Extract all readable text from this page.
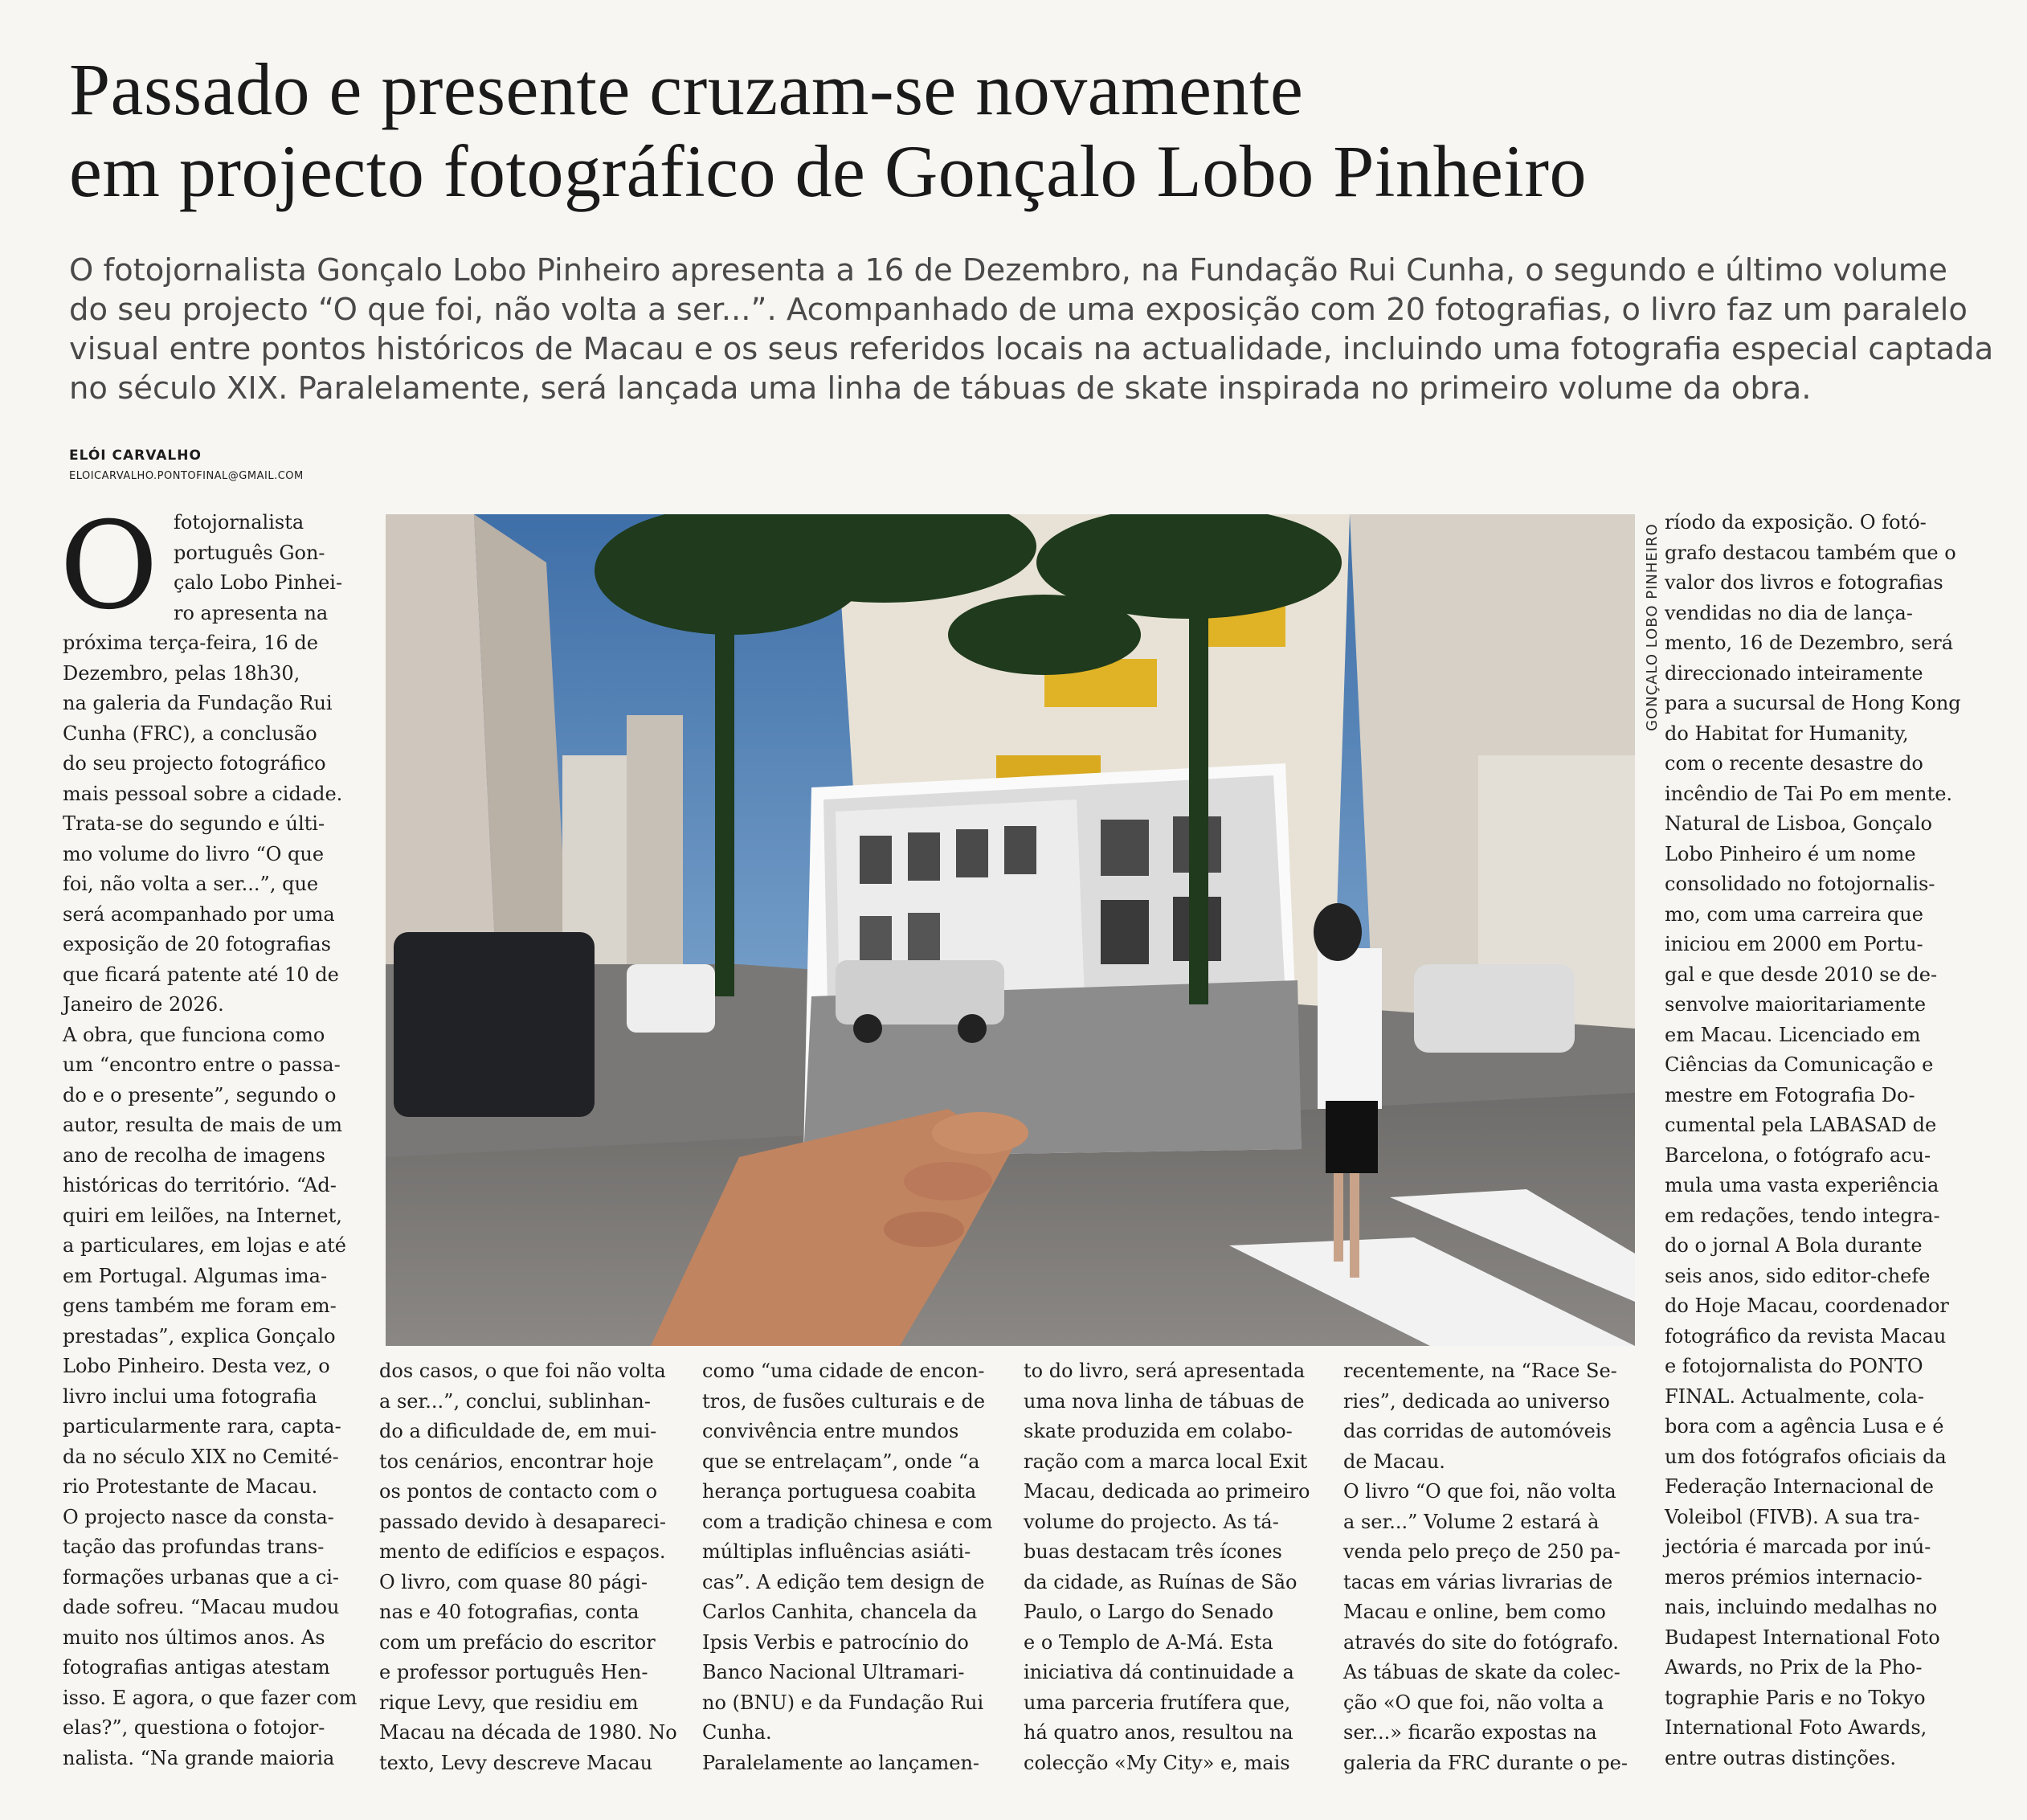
Passado e presente cruzam-se novamente
em projecto fotográfico de Gonçalo Lobo Pinheiro

O fotojornalista Gonçalo Lobo Pinheiro apresenta a 16 de Dezembro, na Fundação Rui Cunha, o segundo e último volume
do seu projecto “O que foi, não volta a ser...”. Acompanhado de uma exposição com 20 fotografias, o livro faz um paralelo
visual entre pontos históricos de Macau e os seus referidos locais na actualidade, incluindo uma fotografia especial captada
no século XIX. Paralelamente, será lançada uma linha de tábuas de skate inspirada no primeiro volume da obra.

ELÓI CARVALHO
ELOICARVALHO.PONTOFINAL@GMAIL.COM
O fotojornalista
português Gon-
çalo Lobo Pinhei-
ro apresenta na
próxima terça-feira, 16 de
Dezembro, pelas 18h30,
na galeria da Fundação Rui
Cunha (FRC), a conclusão
do seu projecto fotográfico
mais pessoal sobre a cidade.
Trata-se do segundo e últi-
mo volume do livro “O que
foi, não volta a ser...”, que
será acompanhado por uma
exposição de 20 fotografias
que ficará patente até 10 de
Janeiro de 2026.
A obra, que funciona como
um “encontro entre o passa-
do e o presente”, segundo o
autor, resulta de mais de um
ano de recolha de imagens
históricas do território. “Ad-
quiri em leilões, na Internet,
a particulares, em lojas e até
em Portugal. Algumas ima-
gens também me foram em-
prestadas”, explica Gonçalo
Lobo Pinheiro. Desta vez, o
livro inclui uma fotografia
particularmente rara, capta-
da no século XIX no Cemité-
rio Protestante de Macau.
O projecto nasce da consta-
tação das profundas trans-
formações urbanas que a ci-
dade sofreu. “Macau mudou
muito nos últimos anos. As
fotografias antigas atestam
isso. E agora, o que fazer com
elas?”, questiona o fotojor-
nalista. “Na grande maioria
GONÇALO LOBO PINHEIRO
dos casos, o que foi não volta
a ser...”, conclui, sublinhan-
do a dificuldade de, em mui-
tos cenários, encontrar hoje
os pontos de contacto com o
passado devido à desapareci-
mento de edifícios e espaços.
O livro, com quase 80 pági-
nas e 40 fotografias, conta
com um prefácio do escritor
e professor português Hen-
rique Levy, que residiu em
Macau na década de 1980. No
texto, Levy descreve Macau
como “uma cidade de encon-
tros, de fusões culturais e de
convivência entre mundos
que se entrelaçam”, onde “a
herança portuguesa coabita
com a tradição chinesa e com
múltiplas influências asiáti-
cas”. A edição tem design de
Carlos Canhita, chancela da
Ipsis Verbis e patrocínio do
Banco Nacional Ultramari-
no (BNU) e da Fundação Rui
Cunha.
Paralelamente ao lançamen-
to do livro, será apresentada
uma nova linha de tábuas de
skate produzida em colabo-
ração com a marca local Exit
Macau, dedicada ao primeiro
volume do projecto. As tá-
buas destacam três ícones
da cidade, as Ruínas de São
Paulo, o Largo do Senado
e o Templo de A-Má. Esta
iniciativa dá continuidade a
uma parceria frutífera que,
há quatro anos, resultou na
colecção «My City» e, mais
recentemente, na “Race Se-
ries”, dedicada ao universo
das corridas de automóveis
de Macau.
O livro “O que foi, não volta
a ser...” Volume 2 estará à
venda pelo preço de 250 pa-
tacas em várias livrarias de
Macau e online, bem como
através do site do fotógrafo.
As tábuas de skate da colec-
ção «O que foi, não volta a
ser...» ficarão expostas na
galeria da FRC durante o pe-
ríodo da exposição. O fotó-
grafo destacou também que o
valor dos livros e fotografias
vendidas no dia de lança-
mento, 16 de Dezembro, será
direccionado inteiramente
para a sucursal de Hong Kong
do Habitat for Humanity,
com o recente desastre do
incêndio de Tai Po em mente.
Natural de Lisboa, Gonçalo
Lobo Pinheiro é um nome
consolidado no fotojornalis-
mo, com uma carreira que
iniciou em 2000 em Portu-
gal e que desde 2010 se de-
senvolve maioritariamente
em Macau. Licenciado em
Ciências da Comunicação e
mestre em Fotografia Do-
cumental pela LABASAD de
Barcelona, o fotógrafo acu-
mula uma vasta experiência
em redações, tendo integra-
do o jornal A Bola durante
seis anos, sido editor-chefe
do Hoje Macau, coordenador
fotográfico da revista Macau
e fotojornalista do PONTO
FINAL. Actualmente, cola-
bora com a agência Lusa e é
um dos fotógrafos oficiais da
Federação Internacional de
Voleibol (FIVB). A sua tra-
jectória é marcada por inú-
meros prémios internacio-
nais, incluindo medalhas no
Budapest International Foto
Awards, no Prix de la Pho-
tographie Paris e no Tokyo
International Foto Awards,
entre outras distinções.
